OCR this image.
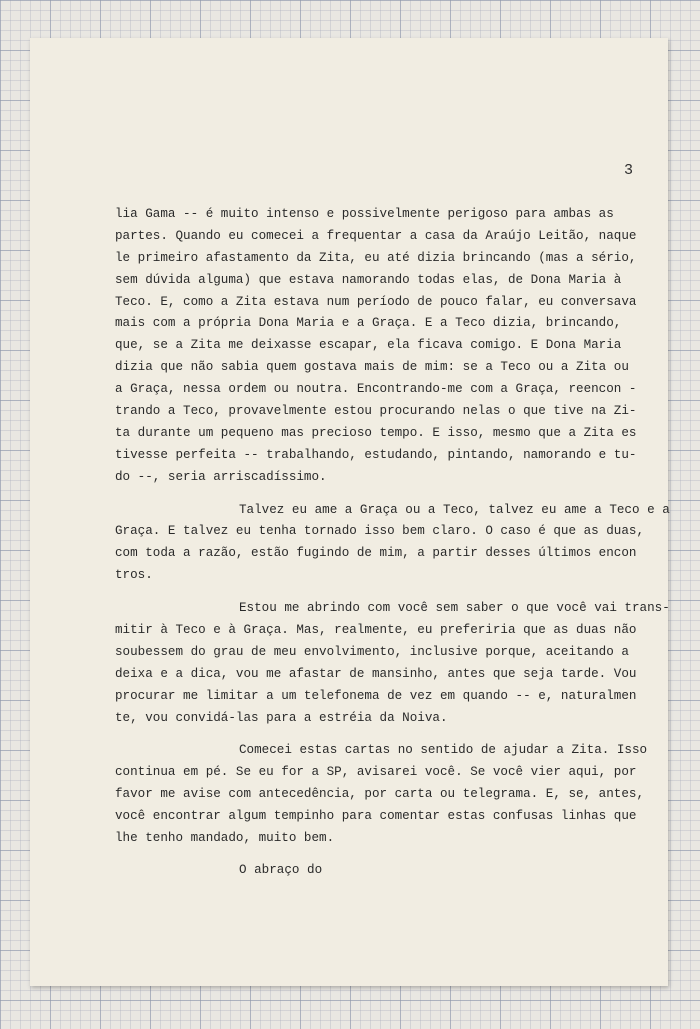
3
lia Gama -- é muito intenso e possivelmente perigoso para ambas as
partes. Quando eu comecei a frequentar a casa da Araújo Leitão, naque
le primeiro afastamento da Zita, eu até dizia brincando (mas a sério,
sem dúvida alguma) que estava namorando todas elas, de Dona Maria à
Teco. E, como a Zita estava num período de pouco falar, eu conversava
mais com a própria Dona Maria e a Graça. E a Teco dizia, brincando,
que, se a Zita me deixasse escapar, ela ficava comigo. E Dona Maria
dizia que não sabia quem gostava mais de mim: se a Teco ou a Zita ou
a Graça, nessa ordem ou noutra. Encontrando-me com a Graça, reencon -
trando a Teco, provavelmente estou procurando nelas o que tive na Zi-
ta durante um pequeno mas precioso tempo. E isso, mesmo que a Zita es
tivesse perfeita -- trabalhando, estudando, pintando, namorando e tu-
do --, seria arriscadíssimo.
Talvez eu ame a Graça ou a Teco, talvez eu ame a Teco e a
Graça. E talvez eu tenha tornado isso bem claro. O caso é que as duas,
com toda a razão, estão fugindo de mim, a partir desses últimos encon
tros.
Estou me abrindo com você sem saber o que você vai trans-
mitir à Teco e à Graça. Mas, realmente, eu preferiria que as duas não
soubessem do grau de meu envolvimento, inclusive porque, aceitando a
deixa e a dica, vou me afastar de mansinho, antes que seja tarde. Vou
procurar me limitar a um telefonema de vez em quando -- e, naturalmen
te, vou convidá-las para a estréia da Noiva.
Comecei estas cartas no sentido de ajudar a Zita. Isso
continua em pé. Se eu for a SP, avisarei você. Se você vier aqui, por
favor me avise com antecedência, por carta ou telegrama. E, se, antes,
você encontrar algum tempinho para comentar estas confusas linhas que
lhe tenho mandado, muito bem.
O abraço do
